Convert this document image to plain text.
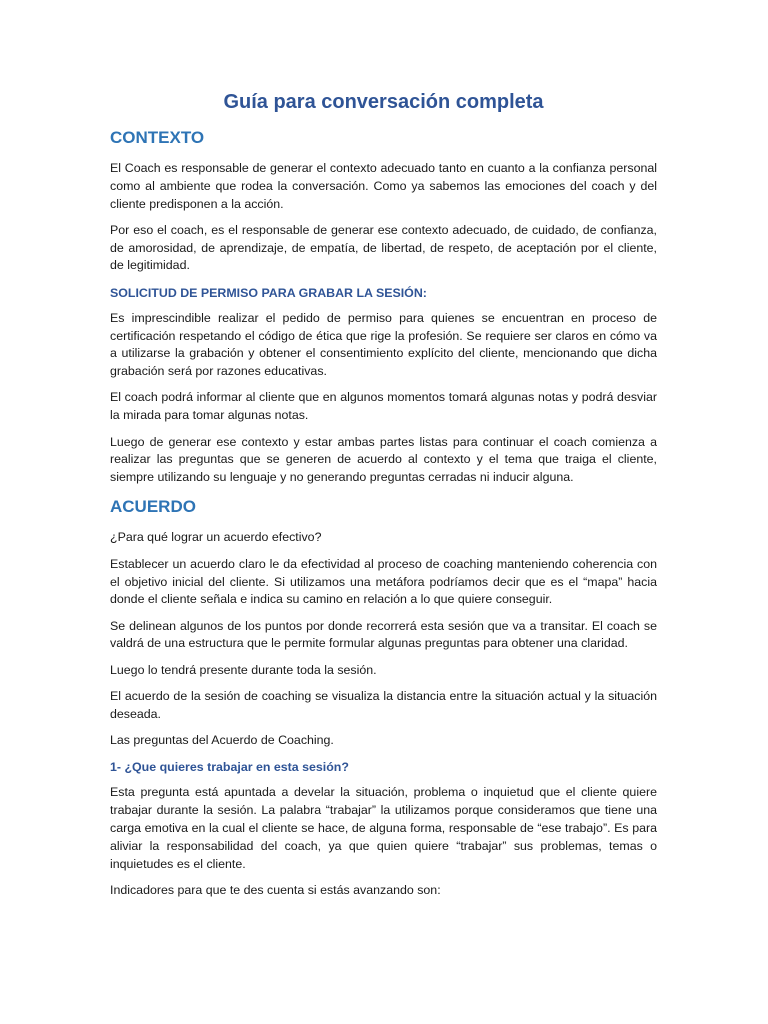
Guía para conversación completa
CONTEXTO

El Coach es responsable de generar el contexto adecuado tanto en cuanto a la confianza personal como al ambiente que rodea la conversación. Como ya sabemos las emociones del coach y del cliente predisponen a la acción.

Por eso el coach, es el responsable de generar ese contexto adecuado, de cuidado, de confianza, de amorosidad, de aprendizaje, de empatía, de libertad, de respeto, de aceptación por el cliente, de legitimidad.

SOLICITUD DE PERMISO PARA GRABAR LA SESIÓN:

Es imprescindible realizar el pedido de permiso para quienes se encuentran en proceso de certificación respetando el código de ética que rige la profesión. Se requiere ser claros en cómo va a utilizarse la grabación y obtener el consentimiento explícito del cliente, mencionando que dicha grabación será por razones educativas.

El coach podrá informar al cliente que en algunos momentos tomará algunas notas y podrá desviar la mirada para tomar algunas notas.

Luego de generar ese contexto y estar ambas partes listas para continuar el coach comienza a realizar las preguntas que se generen de acuerdo al contexto y el tema que traiga el cliente, siempre utilizando su lenguaje y no generando preguntas cerradas ni inducir alguna.

ACUERDO

¿Para qué lograr un acuerdo efectivo?

Establecer un acuerdo claro le da efectividad al proceso de coaching manteniendo coherencia con el objetivo inicial del cliente. Si utilizamos una metáfora podríamos decir que es el “mapa” hacia donde el cliente señala e indica su camino en relación a lo que quiere conseguir.

Se delinean algunos de los puntos por donde recorrerá esta sesión que va a transitar. El coach se valdrá de una estructura que le permite formular algunas preguntas para obtener una claridad.

Luego lo tendrá presente durante toda la sesión.

El acuerdo de la sesión de coaching se visualiza la distancia entre la situación actual y la situación deseada.

Las preguntas del Acuerdo de Coaching.

1- ¿Que quieres trabajar en esta sesión?

Esta pregunta está apuntada a develar la situación, problema o inquietud que el cliente quiere trabajar durante la sesión. La palabra “trabajar” la utilizamos porque consideramos que tiene una carga emotiva en la cual el cliente se hace, de alguna forma, responsable de “ese trabajo”. Es para aliviar la responsabilidad del coach, ya que quien quiere “trabajar” sus problemas, temas o inquietudes es el cliente.

Indicadores para que te des cuenta si estás avanzando son:
